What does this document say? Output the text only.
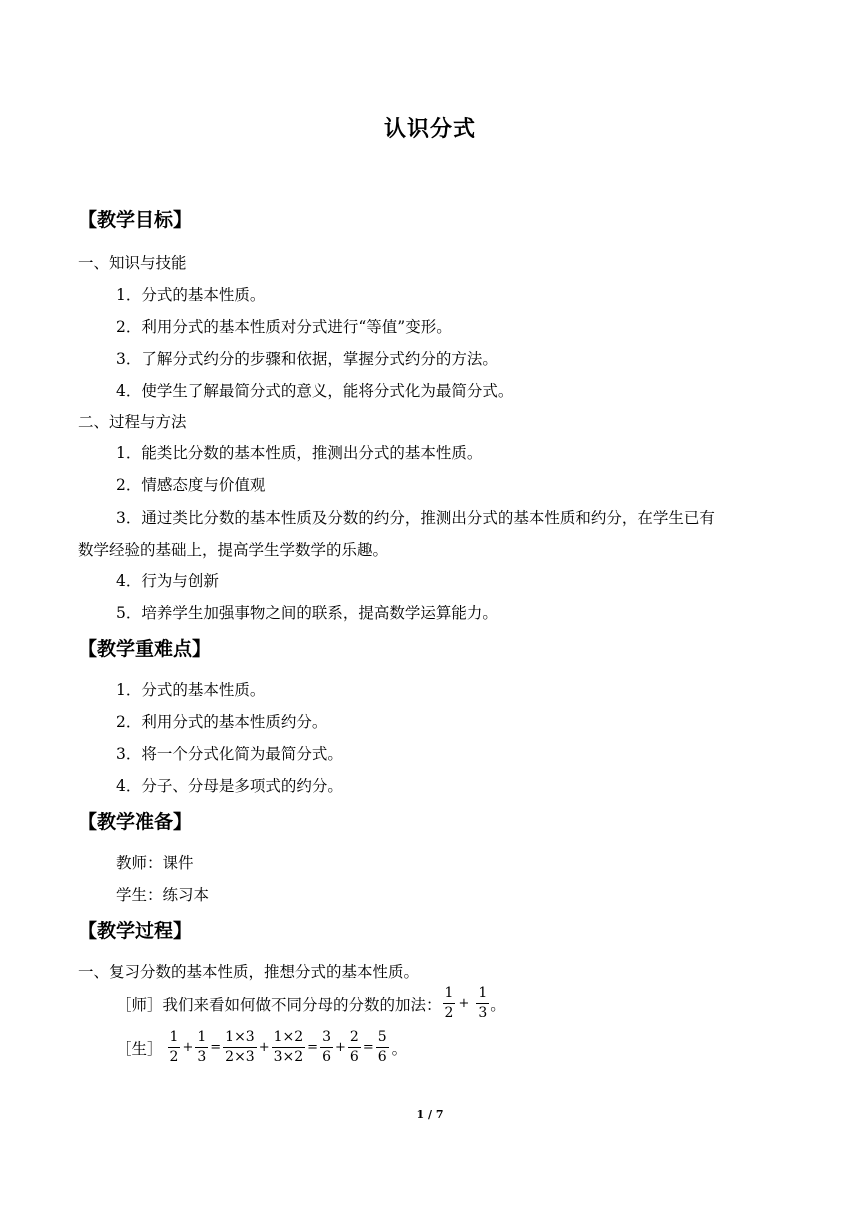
认识分式
【教学目标】
一、知识与技能
1．分式的基本性质。
2．利用分式的基本性质对分式进行“等值”变形。
3．了解分式约分的步骤和依据，掌握分式约分的方法。
4．使学生了解最简分式的意义，能将分式化为最简分式。
二、过程与方法
1．能类比分数的基本性质，推测出分式的基本性质。
2．情感态度与价值观
3．通过类比分数的基本性质及分数的约分，推测出分式的基本性质和约分，在学生已有
数学经验的基础上，提高学生学数学的乐趣。
4．行为与创新
5．培养学生加强事物之间的联系，提高数学运算能力。
【教学重难点】
1．分式的基本性质。
2．利用分式的基本性质约分。
3．将一个分式化简为最简分式。
4．分子、分母是多项式的约分。
【教学准备】
教师：课件
学生：练习本
【教学过程】
一、复习分数的基本性质，推想分式的基本性质。
［师］我们来看如何做不同分母的分数的加法： $\frac{1}{2} + \frac{1}{3}$ 。
［生］ $\frac{1}{2} + \frac{1}{3} = \frac{1\times 3}{2\times 3} + \frac{1\times 2}{3\times 2} = \frac{3}{6} + \frac{2}{6} = \frac{5}{6}$ 。
1 / 7
